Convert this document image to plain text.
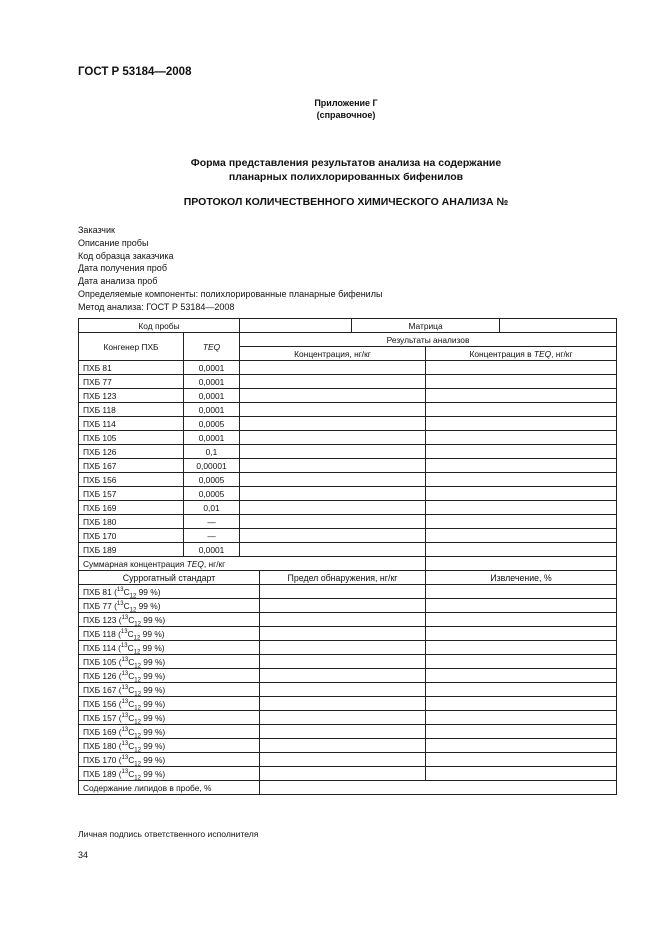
ГОСТ Р 53184—2008
Приложение Г
(справочное)
Форма представления результатов анализа на содержание
планарных полихлорированных бифенилов
ПРОТОКОЛ КОЛИЧЕСТВЕННОГО ХИМИЧЕСКОГО АНАЛИЗА №
Заказчик
Описание пробы
Код образца заказчика
Дата получения проб
Дата анализа проб
Определяемые компоненты: полихлорированные планарные бифенилы
Метод анализа: ГОСТ Р 53184—2008
Код пробы				Матрица		
Конгенер ПХБ	TEQ	Результаты анализов				
		Концентрация, нг/кг			Концентрация в TEQ, нг/кг	
ПХБ 81	0,0001					
ПХБ 77	0,0001					
ПХБ 123	0,0001					
ПХБ 118	0,0001					
ПХБ 114	0,0005					
ПХБ 105	0,0001					
ПХБ 126	0,1					
ПХБ 167	0,00001					
ПХБ 156	0,0005					
ПХБ 157	0,0005					
ПХБ 169	0,01					
ПХБ 180	—					
ПХБ 170	—					
ПХБ 189	0,0001					
Суммарная концентрация TEQ, нг/кг						
Суррогатный стандарт			Предел обнаружения, нг/кг		Извлечение, %	
ПХБ 81 ($^{13}C_{12}$ 99 %)						
ПХБ 77 ($^{13}C_{12}$ 99 %)						
ПХБ 123 ($^{13}C_{12}$ 99 %)						
ПХБ 118 ($^{13}C_{12}$ 99 %)						
ПХБ 114 ($^{13}C_{12}$ 99 %)						
ПХБ 105 ($^{13}C_{12}$ 99 %)						
ПХБ 126 ($^{13}C_{12}$ 99 %)						
ПХБ 167 ($^{13}C_{12}$ 99 %)						
ПХБ 156 ($^{13}C_{12}$ 99 %)						
ПХБ 157 ($^{13}C_{12}$ 99 %)						
ПХБ 169 ($^{13}C_{12}$ 99 %)						
ПХБ 180 ($^{13}C_{12}$ 99 %)						
ПХБ 170 ($^{13}C_{12}$ 99 %)						
ПХБ 189 ($^{13}C_{12}$ 99 %)						
Содержание липидов в пробе, %						
Личная подпись ответственного исполнителя
34
